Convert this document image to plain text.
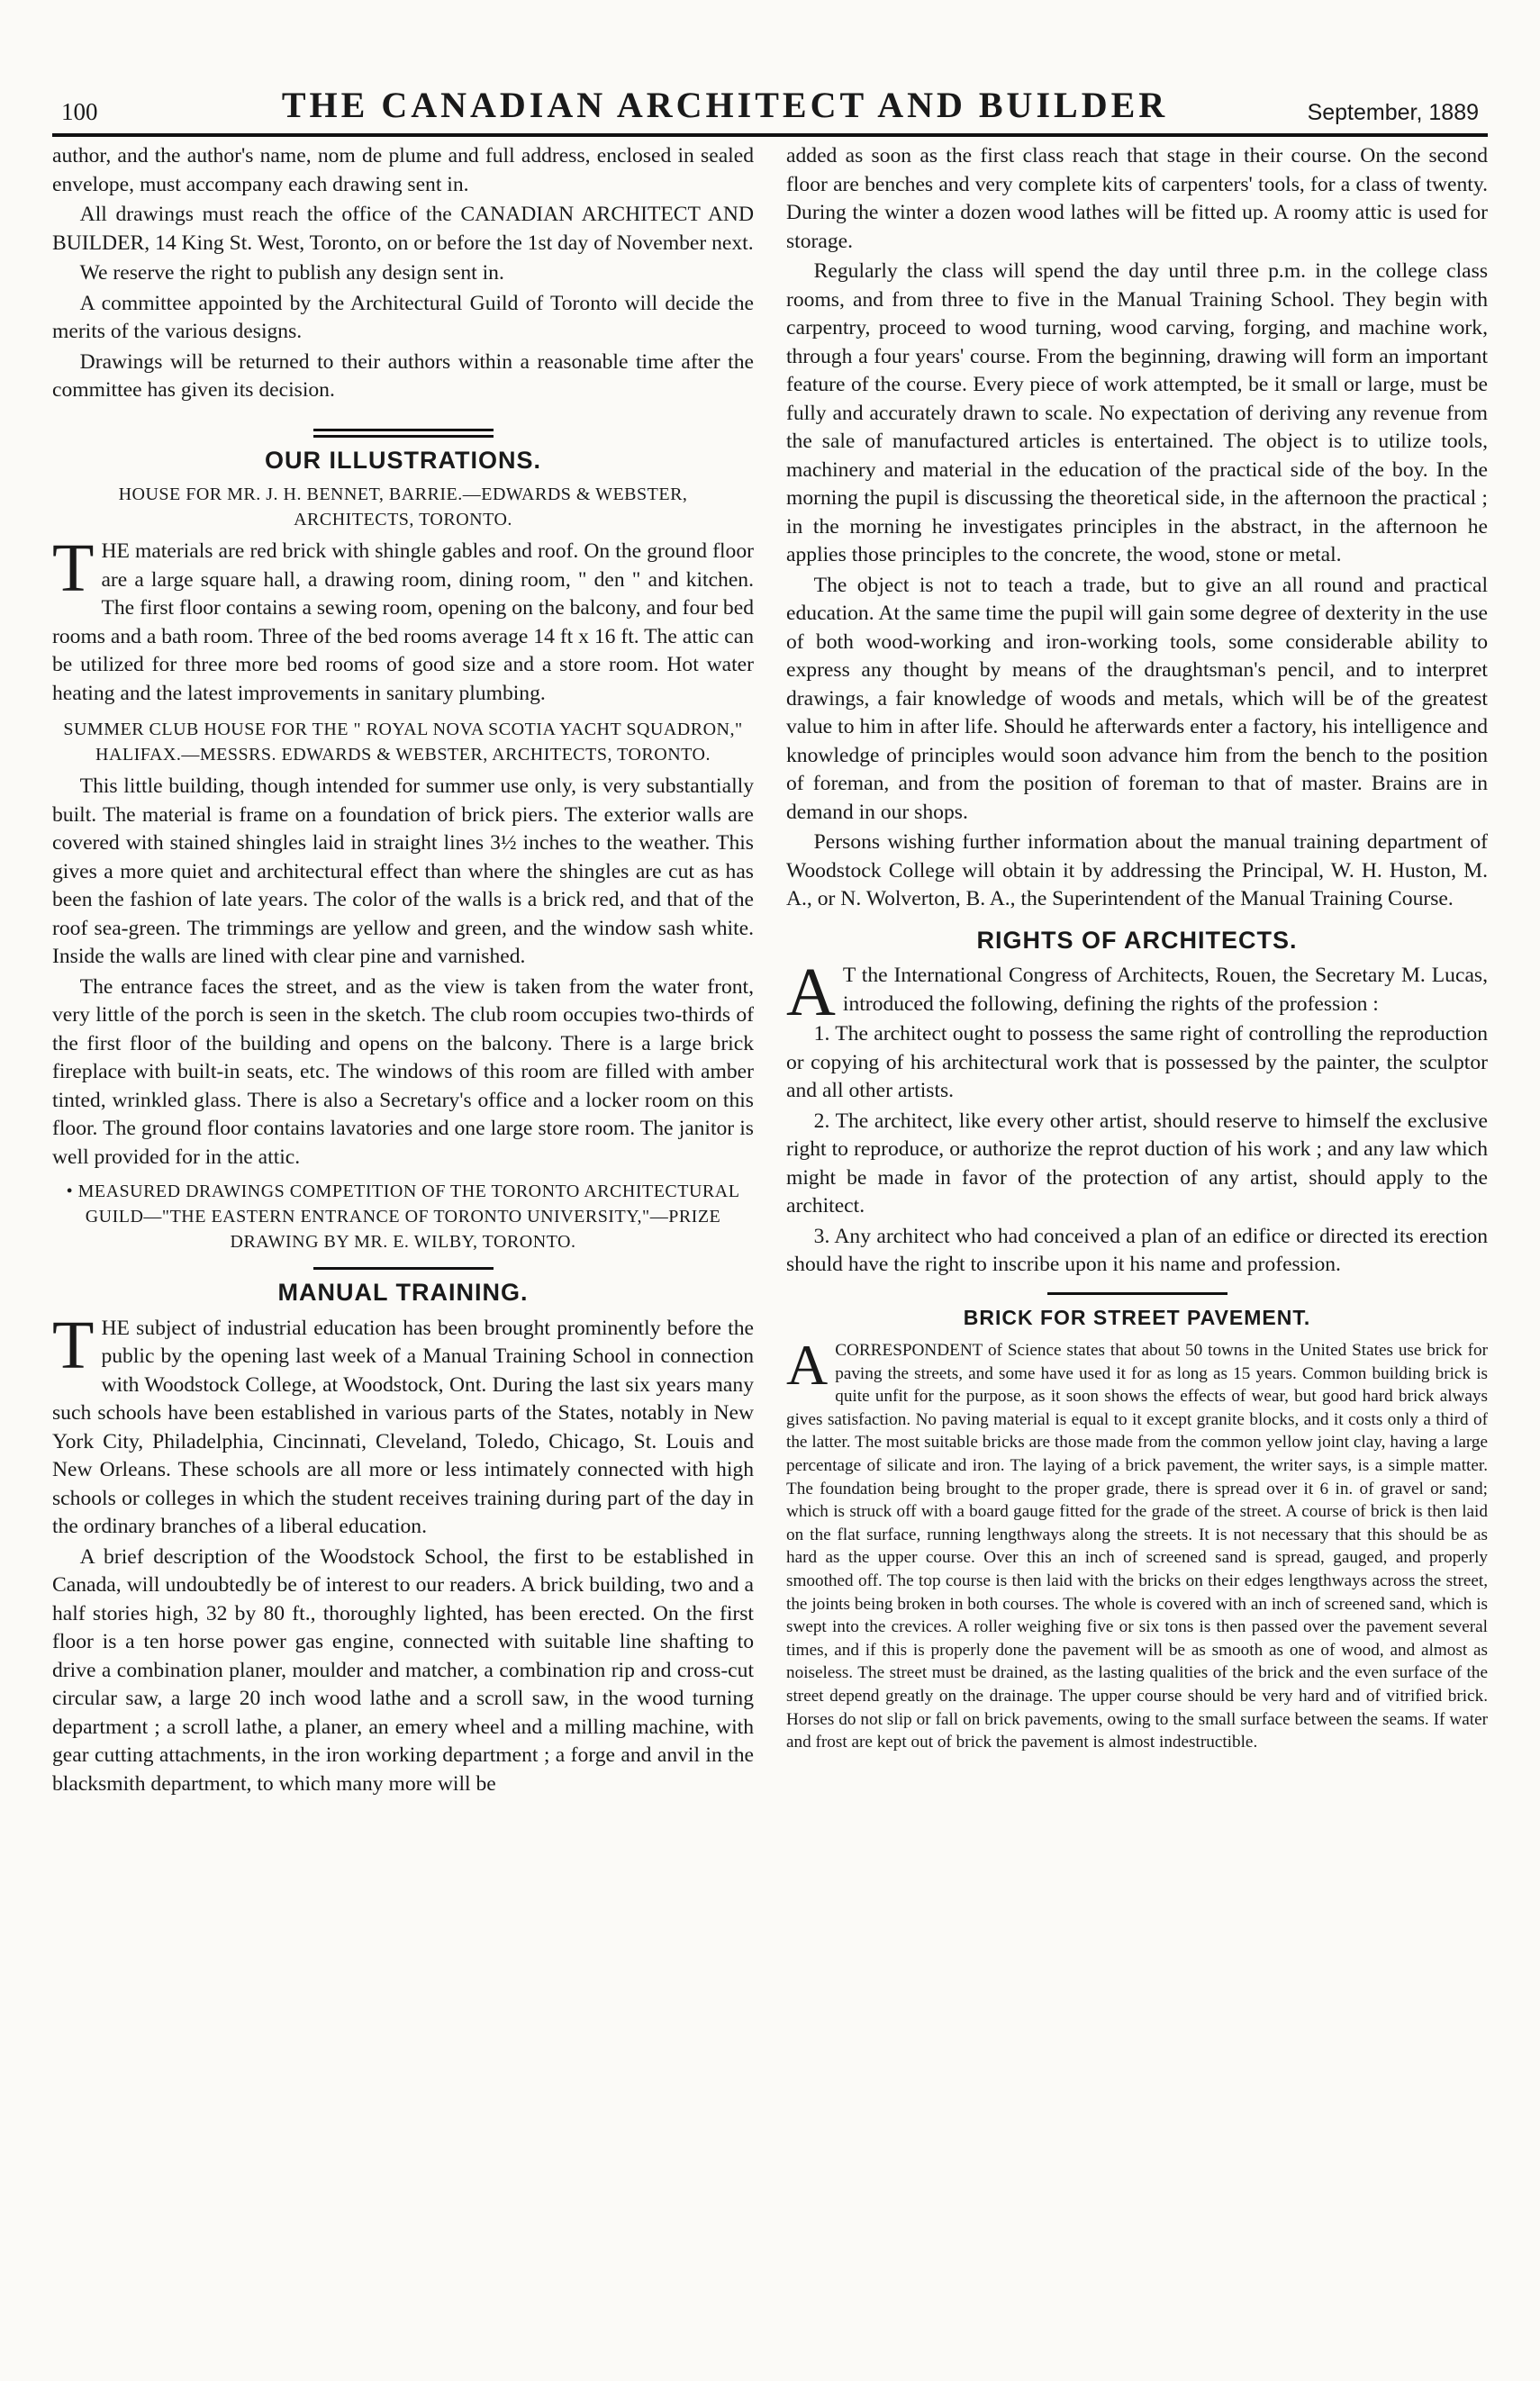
100	THE CANADIAN ARCHITECT AND BUILDER	September, 1889

author, and the author's name, nom de plume and full address, enclosed in sealed envelope, must accompany each drawing sent in.

All drawings must reach the office of the CANADIAN ARCHITECT AND BUILDER, 14 King St. West, Toronto, on or before the 1st day of November next.

We reserve the right to publish any design sent in.

A committee appointed by the Architectural Guild of Toronto will decide the merits of the various designs.

Drawings will be returned to their authors within a reasonable time after the committee has given its decision.

OUR ILLUSTRATIONS.
HOUSE FOR MR. J. H. BENNET, BARRIE.—EDWARDS & WEBSTER, ARCHITECTS, TORONTO.

THE materials are red brick with shingle gables and roof. On the ground floor are a large square hall, a drawing room, dining room, " den " and kitchen. The first floor contains a sewing room, opening on the balcony, and four bed rooms and a bath room. Three of the bed rooms average 14 ft x 16 ft. The attic can be utilized for three more bed rooms of good size and a store room. Hot water heating and the latest improvements in sanitary plumbing.

SUMMER CLUB HOUSE FOR THE " ROYAL NOVA SCOTIA YACHT SQUADRON," HALIFAX.—MESSRS. EDWARDS & WEBSTER, ARCHITECTS, TORONTO.

This little building, though intended for summer use only, is very substantially built. The material is frame on a foundation of brick piers. The exterior walls are covered with stained shingles laid in straight lines 3½ inches to the weather. This gives a more quiet and architectural effect than where the shingles are cut as has been the fashion of late years. The color of the walls is a brick red, and that of the roof sea-green. The trimmings are yellow and green, and the window sash white. Inside the walls are lined with clear pine and varnished.

The entrance faces the street, and as the view is taken from the water front, very little of the porch is seen in the sketch. The club room occupies two-thirds of the first floor of the building and opens on the balcony. There is a large brick fireplace with built-in seats, etc. The windows of this room are filled with amber tinted, wrinkled glass. There is also a Secretary's office and a locker room on this floor. The ground floor contains lavatories and one large store room. The janitor is well provided for in the attic.

• MEASURED DRAWINGS COMPETITION OF THE TORONTO ARCHITECTURAL GUILD—"THE EASTERN ENTRANCE OF TORONTO UNIVERSITY,"—PRIZE DRAWING BY MR. E. WILBY, TORONTO.
MANUAL TRAINING.

THE subject of industrial education has been brought prominently before the public by the opening last week of a Manual Training School in connection with Woodstock College, at Woodstock, Ont. During the last six years many such schools have been established in various parts of the States, notably in New York City, Philadelphia, Cincinnati, Cleveland, Toledo, Chicago, St. Louis and New Orleans. These schools are all more or less intimately connected with high schools or colleges in which the student receives training during part of the day in the ordinary branches of a liberal education.

A brief description of the Woodstock School, the first to be established in Canada, will undoubtedly be of interest to our readers. A brick building, two and a half stories high, 32 by 80 ft., thoroughly lighted, has been erected. On the first floor is a ten horse power gas engine, connected with suitable line shafting to drive a combination planer, moulder and matcher, a combination rip and cross-cut circular saw, a large 20 inch wood lathe and a scroll saw, in the wood turning department ; a scroll lathe, a planer, an emery wheel and a milling machine, with gear cutting attachments, in the iron working department ; a forge and anvil in the blacksmith department, to which many more will be

added as soon as the first class reach that stage in their course. On the second floor are benches and very complete kits of carpenters' tools, for a class of twenty. During the winter a dozen wood lathes will be fitted up. A roomy attic is used for storage.

Regularly the class will spend the day until three p.m. in the college class rooms, and from three to five in the Manual Training School. They begin with carpentry, proceed to wood turning, wood carving, forging, and machine work, through a four years' course. From the beginning, drawing will form an important feature of the course. Every piece of work attempted, be it small or large, must be fully and accurately drawn to scale. No expectation of deriving any revenue from the sale of manufactured articles is entertained. The object is to utilize tools, machinery and material in the education of the practical side of the boy. In the morning the pupil is discussing the theoretical side, in the afternoon the practical ; in the morning he investigates principles in the abstract, in the afternoon he applies those principles to the concrete, the wood, stone or metal.

The object is not to teach a trade, but to give an all round and practical education. At the same time the pupil will gain some degree of dexterity in the use of both wood-working and iron-working tools, some considerable ability to express any thought by means of the draughtsman's pencil, and to interpret drawings, a fair knowledge of woods and metals, which will be of the greatest value to him in after life. Should he afterwards enter a factory, his intelligence and knowledge of principles would soon advance him from the bench to the position of foreman, and from the position of foreman to that of master. Brains are in demand in our shops.

Persons wishing further information about the manual training department of Woodstock College will obtain it by addressing the Principal, W. H. Huston, M. A., or N. Wolverton, B. A., the Superintendent of the Manual Training Course.

RIGHTS OF ARCHITECTS.

A T the International Congress of Architects, Rouen, the Secretary M. Lucas, introduced the following, defining the rights of the profession :

1. The architect ought to possess the same right of controlling the reproduction or copying of his architectural work that is possessed by the painter, the sculptor and all other artists.

2. The architect, like every other artist, should reserve to himself the exclusive right to reproduce, or authorize the reprot duction of his work ; and any law which might be made in favor of the protection of any artist, should apply to the architect.

3. Any architect who had conceived a plan of an edifice or directed its erection should have the right to inscribe upon it his name and profession.

BRICK FOR STREET PAVEMENT.

ACORRESPONDENT of Science states that about 50 towns in the United States use brick for paving the streets, and some have used it for as long as 15 years. Common building brick is quite unfit for the purpose, as it soon shows the effects of wear, but good hard brick always gives satisfaction. No paving material is equal to it except granite blocks, and it costs only a third of the latter. The most suitable bricks are those made from the common yellow joint clay, having a large percentage of silicate and iron. The laying of a brick pavement, the writer says, is a simple matter. The foundation being brought to the proper grade, there is spread over it 6 in. of gravel or sand; which is struck off with a board gauge fitted for the grade of the street. A course of brick is then laid on the flat surface, running lengthways along the streets. It is not necessary that this should be as hard as the upper course. Over this an inch of screened sand is spread, gauged, and properly smoothed off. The top course is then laid with the bricks on their edges lengthways across the street, the joints being broken in both courses. The whole is covered with an inch of screened sand, which is swept into the crevices. A roller weighing five or six tons is then passed over the pavement several times, and if this is properly done the pavement will be as smooth as one of wood, and almost as noiseless. The street must be drained, as the lasting qualities of the brick and the even surface of the street depend greatly on the drainage. The upper course should be very hard and of vitrified brick. Horses do not slip or fall on brick pavements, owing to the small surface between the seams. If water and frost are kept out of brick the pavement is almost indestructible.
